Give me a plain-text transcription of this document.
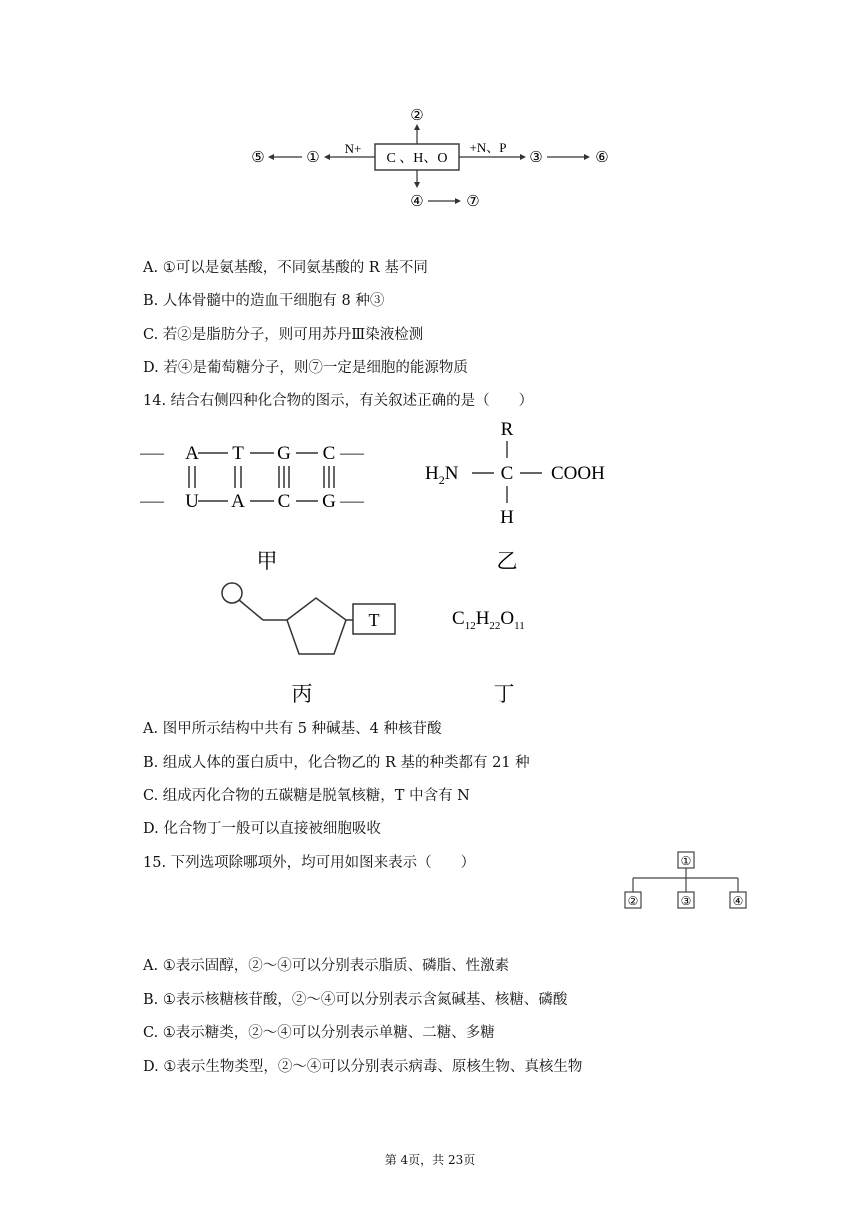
C 、H、O
②
④	⑦
N+
①
⑤
+N、P
③	⑥
A. ①可以是氨基酸，不同氨基酸的 R 基不同
B. 人体骨髓中的造血干细胞有 8 种③
C. 若②是脂肪分子，则可用苏丹Ⅲ染液检测
D. 若④是葡萄糖分子，则⑦一定是细胞的能源物质
14. 结合右侧四种化合物的图示，有关叙述正确的是（　　）
–––	–––
A T G C
–––	–––
U A C G
甲
R
$H_2N$ C COOH
H
乙
T
丙
$C_{12}H_{22}O_{11}$
丁
A. 图甲所示结构中共有 5 种碱基、4 种核苷酸
B. 组成人体的蛋白质中，化合物乙的 R 基的种类都有 21 种
C. 组成丙化合物的五碳糖是脱氧核糖，T 中含有 N
D. 化合物丁一般可以直接被细胞吸收
15. 下列选项除哪项外，均可用如图来表示（　　）	①
②	③	④
A. ①表示固醇，②～④可以分别表示脂质、磷脂、性激素
B. ①表示核糖核苷酸，②～④可以分别表示含氮碱基、核糖、磷酸
C. ①表示糖类，②～④可以分别表示单糖、二糖、多糖
D. ①表示生物类型，②～④可以分别表示病毒、原核生物、真核生物
第 4页，共 23页
